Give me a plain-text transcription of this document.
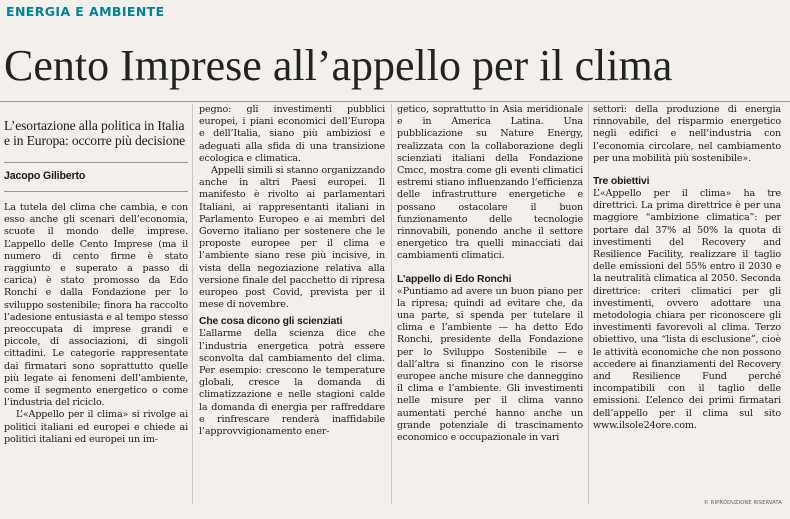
ENERGIA E AMBIENTE
Cento Imprese all’appello per il clima
L’esortazione alla politica in Italia e in Europa: occorre più decisione
Jacopo Giliberto

La tutela del clima che cambia, e con esso anche gli scenari dell’economia, scuote il mondo delle imprese. L’appello delle Cento Imprese (ma il numero di cento firme è stato raggiunto e superato a passo di carica) è stato promosso da Edo Ronchi e dalla Fondazione per lo sviluppo sostenibile; finora ha raccolto l’adesione entusiasta e al tempo stesso preoccupata di imprese grandi e piccole, di associazioni, di singoli cittadini. Le categorie rappresentate dai firmatari sono soprattutto quelle più legate ai fenomeni dell’ambiente, come il segmento energetico o come l’industria del riciclo.

L’«Appello per il clima» si rivolge ai politici italiani ed europei e chiede ai politici italiani ed europei un im-

pegno: gli investimenti pubblici europei, i piani economici dell’Europa e dell’Italia, siano più ambiziosi e adeguati alla sfida di una transizione ecologica e climatica.

Appelli simili si stanno organizzando anche in altri Paesi europei. Il manifesto è rivolto ai parlamentari Italiani, ai rappresentanti italiani in Parlamento Europeo e ai membri del Governo italiano per sostenere che le proposte europee per il clima e l’ambiente siano rese più incisive, in vista della negoziazione relativa alla versione finale del pacchetto di ripresa europeo post Covid, prevista per il mese di novembre.

Che cosa dicono gli scienziati

L’allarme della scienza dice che l’industria energetica potrà essere sconvolta dal cambiamento del clima. Per esempio: crescono le temperature globali, cresce la domanda di climatizzazione e nelle stagioni calde la domanda di energia per raffreddare e rinfrescare renderà inaffidabile l’approvvigionamento ener-

getico, soprattutto in Asia meridionale e in America Latina. Una pubblicazione su Nature Energy, realizzata con la collaborazione degli scienziati italiani della Fondazione Cmcc, mostra come gli eventi climatici estremi stiano influenzando l’efficienza delle infrastrutture energetiche e possano ostacolare il buon funzionamento delle tecnologie rinnovabili, ponendo anche il settore energetico tra quelli minacciati dai cambiamenti climatici.

L’appello di Edo Ronchi

«Puntiamo ad avere un buon piano per la ripresa; quindi ad evitare che, da una parte, si spenda per tutelare il clima e l’ambiente — ha detto Edo Ronchi, presidente della Fondazione per lo Sviluppo Sostenibile — e dall’altra si finanzino con le risorse europee anche misure che danneggino il clima e l’ambiente. Gli investimenti nelle misure per il clima vanno aumentati perché hanno anche un grande potenziale di trascinamento economico e occupazionale in vari

settori: della produzione di energia rinnovabile, del risparmio energetico negli edifici e nell’industria con l’economia circolare, nel cambiamento per una mobilità più sostenibile».

Tre obiettivi

L’«Appello per il clima» ha tre direttrici. La prima direttrice è per una maggiore “ambizione climatica”: per portare dal 37% al 50% la quota di investimenti del Recovery and Resilience Facility, realizzare il taglio delle emissioni del 55% entro il 2030 e la neutralità climatica al 2050. Seconda direttrice: criteri climatici per gli investimenti, ovvero adottare una metodologia chiara per riconoscere gli investimenti favorevoli al clima. Terzo obiettivo, una “lista di esclusione”, cioè le attività economiche che non possono accedere ai finanziamenti del Recovery and Resilience Fund perché incompatibili con il taglio delle emissioni. L’elenco dei primi firmatari dell’appello per il clima sul sito www.ilsole24ore.com.

© RIPRODUZIONE RISERVATA
